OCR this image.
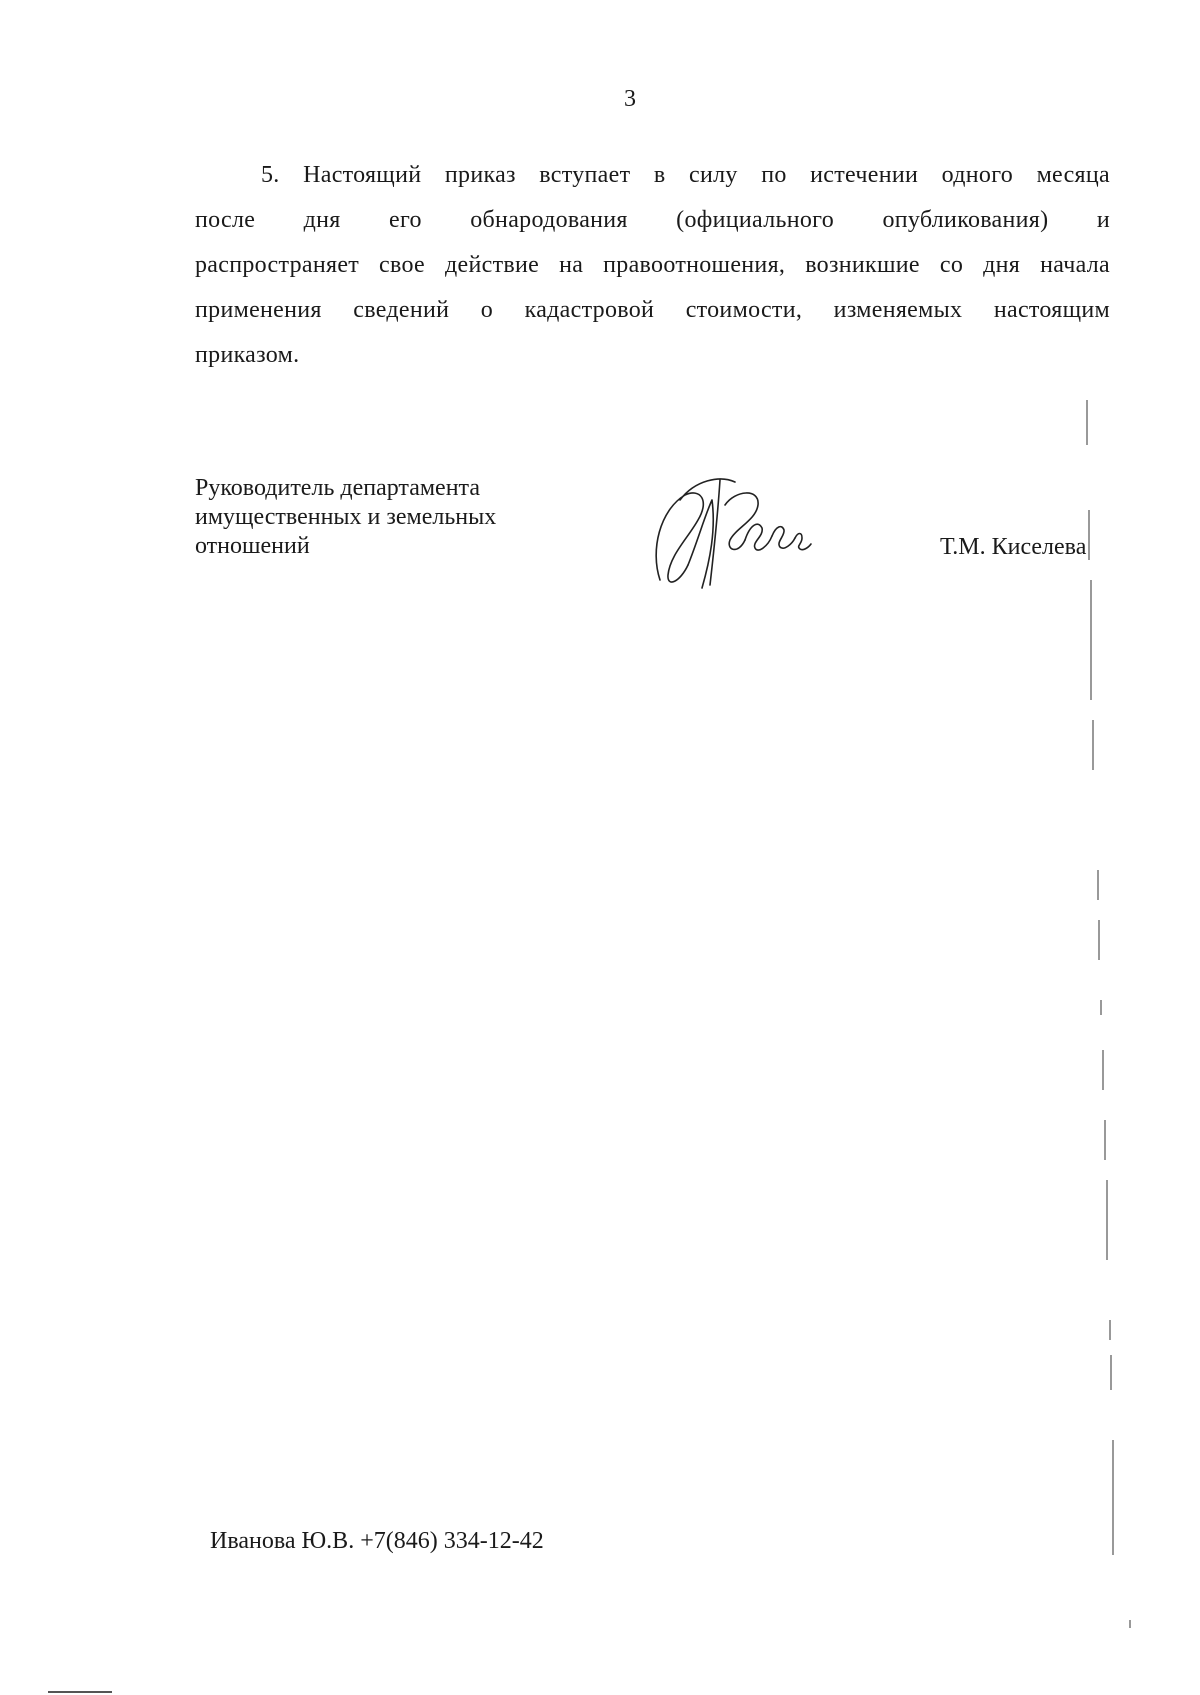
3
5. Настоящий приказ вступает в силу по истечении одного месяца
после дня его обнародования (официального опубликования) и
распространяет свое действие на правоотношения, возникшие со дня начала
применения сведений о кадастровой стоимости, изменяемых настоящим
приказом.
Руководитель департамента
имущественных и земельных
отношений	Т.М. Киселева
Иванова Ю.В. +7(846) 334-12-42
